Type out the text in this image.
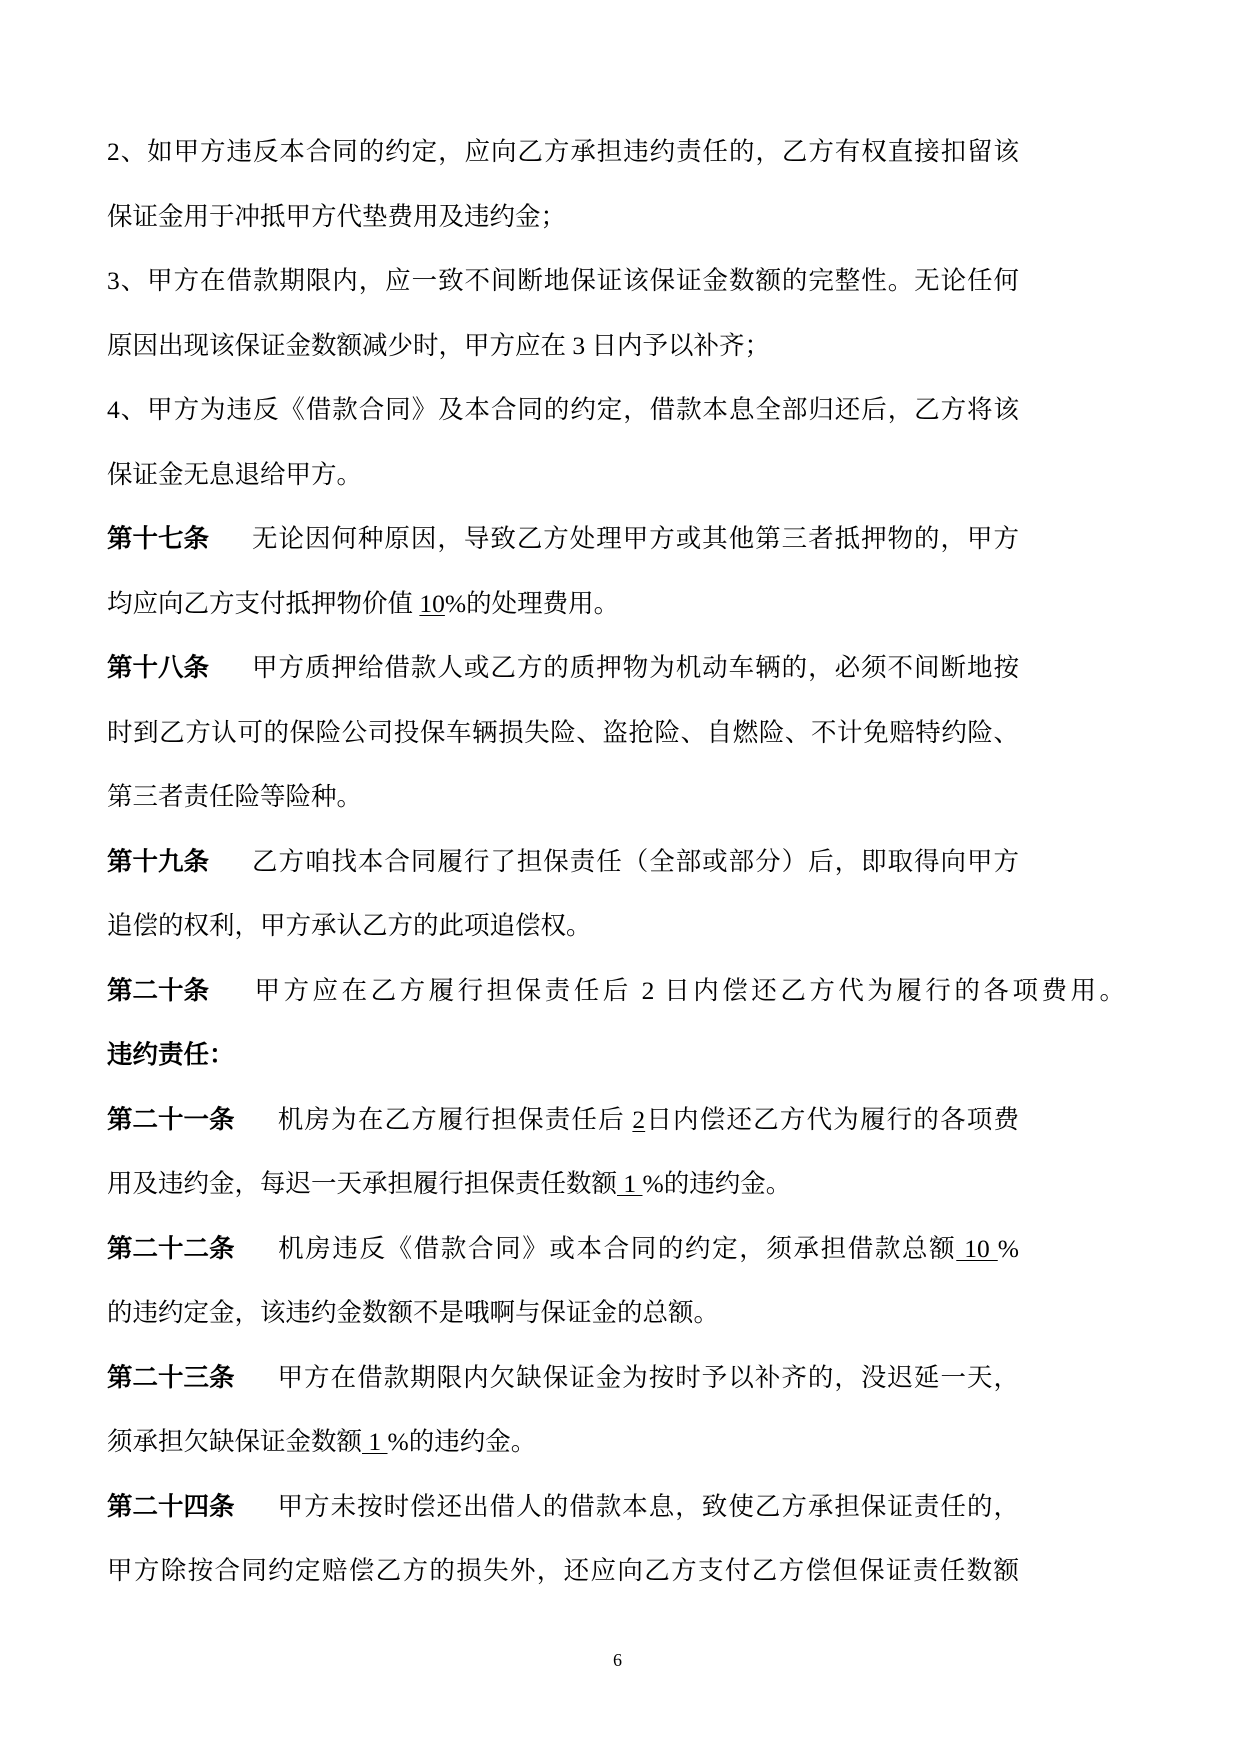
2、如甲方违反本合同的约定，应向乙方承担违约责任的，乙方有权直接扣留该
保证金用于冲抵甲方代垫费用及违约金；
3、甲方在借款期限内，应一致不间断地保证该保证金数额的完整性。无论任何
原因出现该保证金数额减少时，甲方应在 3 日内予以补齐；
4、甲方为违反《借款合同》及本合同的约定，借款本息全部归还后，乙方将该
保证金无息退给甲方。
第十七条 无论因何种原因，导致乙方处理甲方或其他第三者抵押物的，甲方
均应向乙方支付抵押物价值 10%的处理费用。
第十八条 甲方质押给借款人或乙方的质押物为机动车辆的，必须不间断地按
时到乙方认可的保险公司投保车辆损失险、盗抢险、自燃险、不计免赔特约险、
第三者责任险等险种。
第十九条 乙方咱找本合同履行了担保责任（全部或部分）后，即取得向甲方
追偿的权利，甲方承认乙方的此项追偿权。
第二十条 甲方应在乙方履行担保责任后 2 日内偿还乙方代为履行的各项费用。
违约责任：
第二十一条 机房为在乙方履行担保责任后 2日内偿还乙方代为履行的各项费
用及违约金，每迟一天承担履行担保责任数额 1 %的违约金。
第二十二条 机房违反《借款合同》或本合同的约定，须承担借款总额 10 %
的违约定金，该违约金数额不是哦啊与保证金的总额。
第二十三条 甲方在借款期限内欠缺保证金为按时予以补齐的，没迟延一天，
须承担欠缺保证金数额 1 %的违约金。
第二十四条 甲方未按时偿还出借人的借款本息，致使乙方承担保证责任的，
甲方除按合同约定赔偿乙方的损失外，还应向乙方支付乙方偿但保证责任数额
6
